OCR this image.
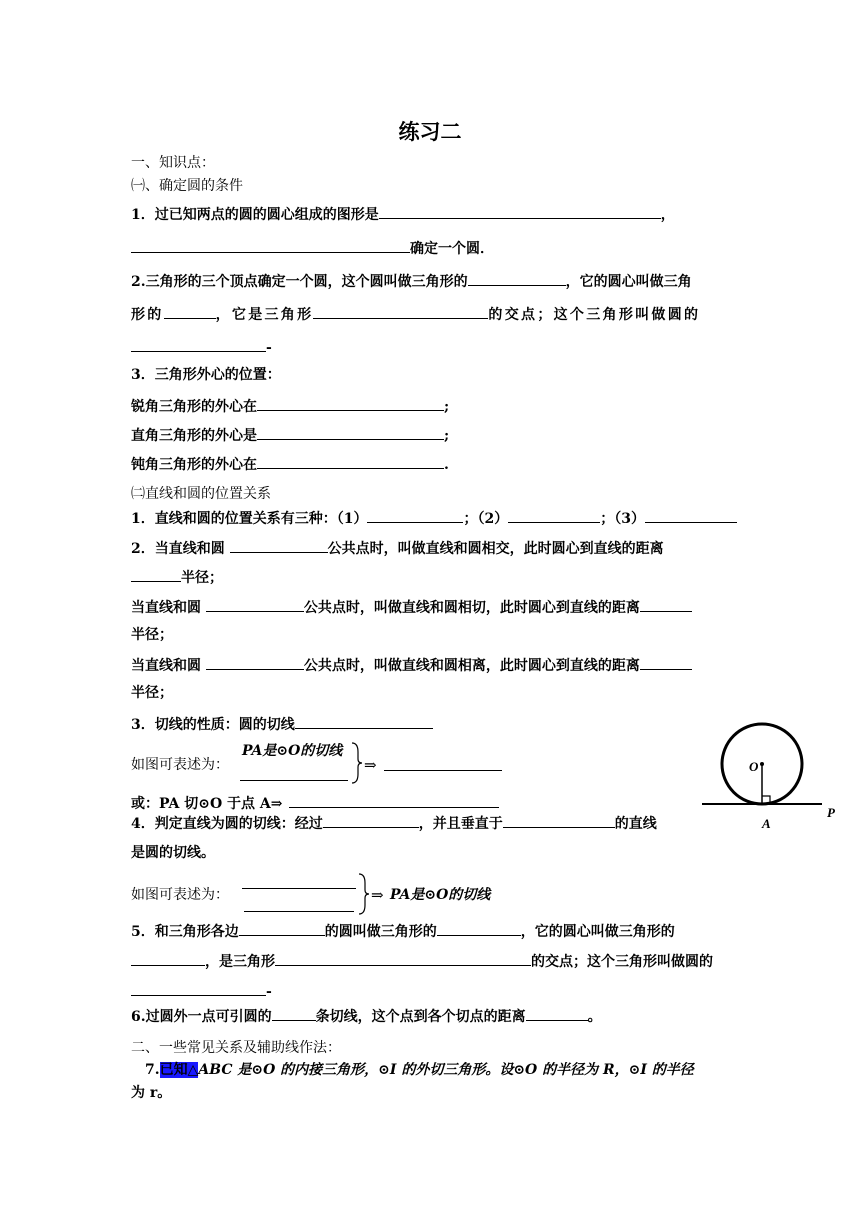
练习二
一、知识点：
㈠、确定圆的条件
1．过已知两点的圆的圆心组成的图形是	，
确定一个圆．
2.三角形的三个顶点确定一个圆，这个圆叫做三角形的	，它的圆心叫做三角
形的	，它是三角形	的交点；这个三角形叫做圆的
-
3．三角形外心的位置：
锐角三角形的外心在	;
直角三角形的外心是	;
钝角三角形的外心在	.
㈡直线和圆的位置关系
1．直线和圆的位置关系有三种：（1）	；（2）	；（3）
2．当直线和圆	公共点时，叫做直线和圆相交，此时圆心到直线的距离
半径；
当直线和圆	公共点时，叫做直线和圆相切，此时圆心到直线的距离
半径；
当直线和圆	公共点时，叫做直线和圆相离，此时圆心到直线的距离
半径；
3．切线的性质：圆的切线
如图可表述为：
PA是⊙O的切线
⇒
或：PA 切⊙O 于点 A⇒
4．判定直线为圆的切线：经过	，并且垂直于	的直线
是圆的切线。
如图可表述为：	⇒ PA是⊙O的切线
5．和三角形各边	的圆叫做三角形的	，它的圆心叫做三角形的
，是三角形	的交点；这个三角形叫做圆的
-
6.过圆外一点可引圆的	条切线，这个点到各个切点的距离	。
二、一些常见关系及辅助线作法：
7.已知△ABC 是⊙O 的内接三角形，⊙I 的外切三角形。设⊙O 的半径为 R，⊙I 的半径
为 r。
O
A
P
